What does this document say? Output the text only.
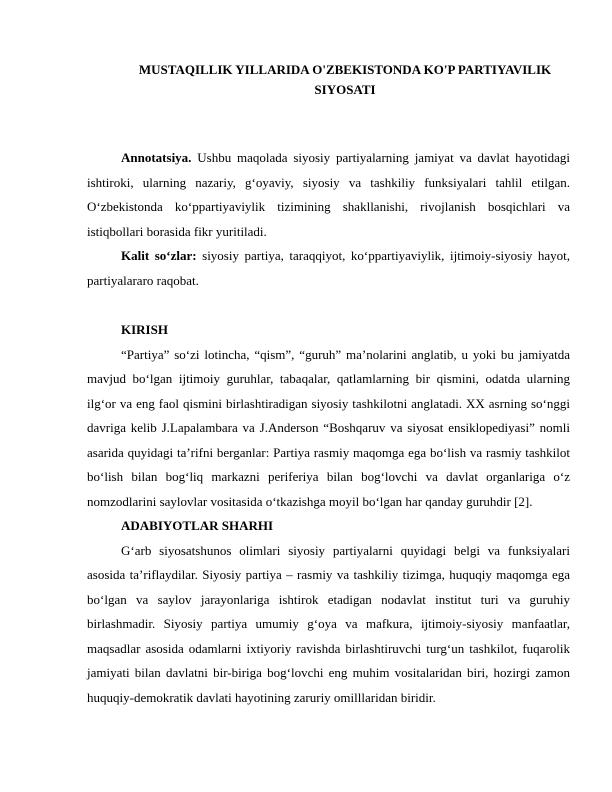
MUSTAQILLIK YILLARIDA O'ZBEKISTONDA KO'P PARTIYAVILIK
SIYOSATI

Annotatsiya. Ushbu maqolada siyosiy partiyalarning jamiyat va davlat hayotidagi ishtiroki, ularning nazariy, g‘oyaviy, siyosiy va tashkiliy funksiyalari tahlil etilgan. O‘zbekistonda ko‘ppartiyaviylik tizimining shakllanishi, rivojlanish bosqichlari va istiqbollari borasida fikr yuritiladi.

Kalit so‘zlar: siyosiy partiya, taraqqiyot, ko‘ppartiyaviylik, ijtimoiy-siyosiy hayot, partiyalararo raqobat.

KIRISH

“Partiya” so‘zi lotincha, “qism”, “guruh” ma’nolarini anglatib, u yoki bu jamiyatda mavjud bo‘lgan ijtimoiy guruhlar, tabaqalar, qatlamlarning bir qismini, odatda ularning ilg‘or va eng faol qismini birlashtiradigan siyosiy tashkilotni anglatadi. XX asrning so‘nggi davriga kelib J.Lapalambara va J.Anderson “Boshqaruv va siyosat ensiklopediyasi” nomli asarida quyidagi ta’rifni berganlar: Partiya rasmiy maqomga ega bo‘lish va rasmiy tashkilot bo‘lish bilan bog‘liq markazni periferiya bilan bog‘lovchi va davlat organlariga o‘z nomzodlarini saylovlar vositasida o‘tkazishga moyil bo‘lgan har qanday guruhdir [2].

ADABIYOTLAR SHARHI

G‘arb siyosatshunos olimlari siyosiy partiyalarni quyidagi belgi va funksiyalari asosida ta’riflaydilar. Siyosiy partiya – rasmiy va tashkiliy tizimga, huquqiy maqomga ega bo‘lgan va saylov jarayonlariga ishtirok etadigan nodavlat institut turi va guruhiy birlashmadir. Siyosiy partiya umumiy g‘oya va mafkura, ijtimoiy-siyosiy manfaatlar, maqsadlar asosida odamlarni ixtiyoriy ravishda birlashtiruvchi turg‘un tashkilot, fuqarolik jamiyati bilan davlatni bir-biriga bog‘lovchi eng muhim vositalaridan biri, hozirgi zamon huquqiy-demokratik davlati hayotining zaruriy omilllaridan biridir.
